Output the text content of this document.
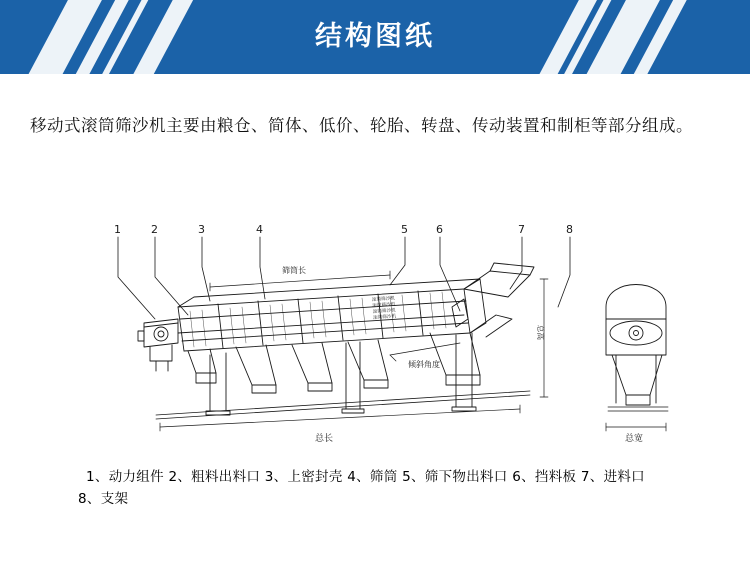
结构图纸
移动式滚筒筛沙机主要由粮仓、简体、低价、轮胎、转盘、传动装置和制柜等部分组成。
1	2	3	4	5	6	7	8
筛筒长
总长	总宽
倾斜角度
总高
滚筒筛沙机
滚筒筛沙机
滚筒筛沙机
滚筒筛沙机
1、动力组件 2、粗料出料口 3、上密封壳 4、筛筒 5、筛下物出料口 6、挡料板 7、进料口
8、支架
